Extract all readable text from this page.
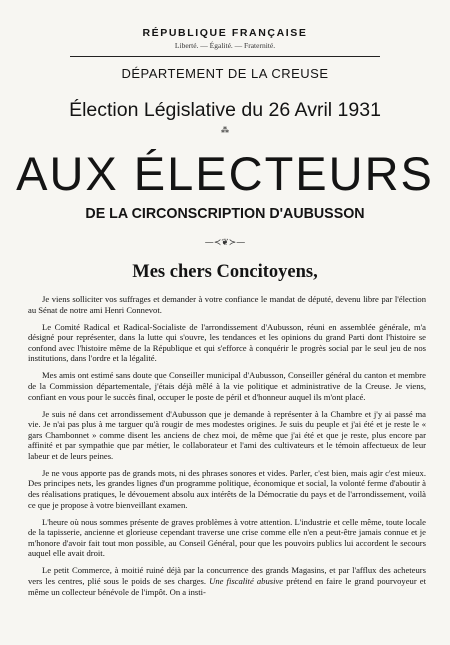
RÉPUBLIQUE FRANÇAISE
Liberté. — Égalité. — Fraternité.
DÉPARTEMENT DE LA CREUSE
Élection Législative du 26 Avril 1931
⁂
AUX ÉLECTEURS
DE LA CIRCONSCRIPTION D'AUBUSSON
—≺❦≻—
Mes chers Concitoyens,

Je viens solliciter vos suffrages et demander à votre confiance le mandat de député, devenu libre par l'élection au Sénat de notre ami Henri Connevot.

Le Comité Radical et Radical-Socialiste de l'arrondissement d'Aubusson, réuni en assemblée générale, m'a désigné pour représenter, dans la lutte qui s'ouvre, les tendances et les opinions du grand Parti dont l'histoire se confond avec l'histoire même de la République et qui s'efforce à conquérir le progrès social par le seul jeu de nos institutions, dans l'ordre et la légalité.

Mes amis ont estimé sans doute que Conseiller municipal d'Aubusson, Conseiller général du canton et membre de la Commission départementale, j'étais déjà mêlé à la vie politique et administrative de la Creuse. Je viens, confiant en vous pour le succès final, occuper le poste de péril et d'honneur auquel ils m'ont placé.

Je suis né dans cet arrondissement d'Aubusson que je demande à représenter à la Chambre et j'y ai passé ma vie. Je n'ai pas plus à me targuer qu'à rougir de mes modestes origines. Je suis du peuple et j'ai été et je reste le « gars Chambonnet » comme disent les anciens de chez moi, de même que j'ai été et que je reste, plus encore par affinité et par sympathie que par métier, le collaborateur et l'ami des cultivateurs et le témoin affectueux de leur labeur et de leurs peines.

Je ne vous apporte pas de grands mots, ni des phrases sonores et vides. Parler, c'est bien, mais agir c'est mieux. Des principes nets, les grandes lignes d'un programme politique, économique et social, la volonté ferme d'aboutir à des réalisations pratiques, le dévouement absolu aux intérêts de la Démocratie du pays et de l'arrondissement, voilà ce que je propose à votre bienveillant examen.

L'heure où nous sommes présente de graves problèmes à votre attention. L'industrie et celle même, toute locale de la tapisserie, ancienne et glorieuse cependant traverse une crise comme elle n'en a peut-être jamais connue et je m'honore d'avoir fait tout mon possible, au Conseil Général, pour que les pouvoirs publics lui accordent le secours auquel elle avait droit.

Le petit Commerce, à moitié ruiné déjà par la concurrence des grands Magasins, et par l'afflux des acheteurs vers les centres, plié sous le poids de ses charges. Une fiscalité abusive prétend en faire le grand pourvoyeur et même un collecteur bénévole de l'impôt. On a insti-
